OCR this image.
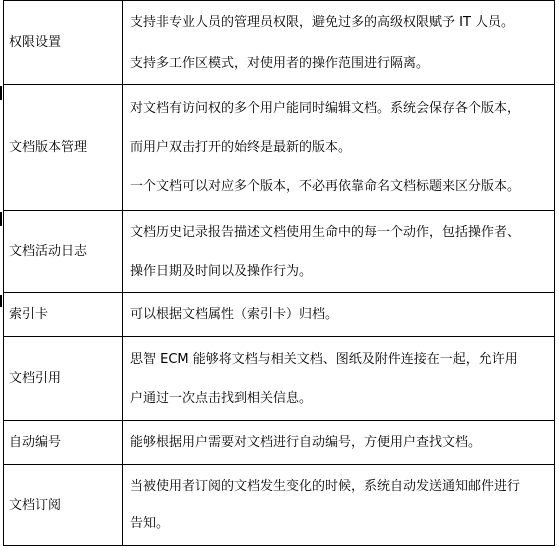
权限设置	支持非专业人员的管理员权限，避免过多的高级权限赋予 IT 人员。
支持多工作区模式，对使用者的操作范围进行隔离。

文档版本管理	对文档有访问权的多个用户能同时编辑文档。系统会保存各个版本，
而用户双击打开的始终是最新的版本。
一个文档可以对应多个版本，不必再依靠命名文档标题来区分版本。

文档活动日志	文档历史记录报告描述文档使用生命中的每一个动作，包括操作者、
操作日期及时间以及操作行为。

索引卡	可以根据文档属性（索引卡）归档。

文档引用	思智 ECM 能够将文档与相关文档、图纸及附件连接在一起，允许用
户通过一次点击找到相关信息。

自动编号	能够根据用户需要对文档进行自动编号，方便用户查找文档。

文档订阅	当被使用者订阅的文档发生变化的时候，系统自动发送通知邮件进行
告知。
